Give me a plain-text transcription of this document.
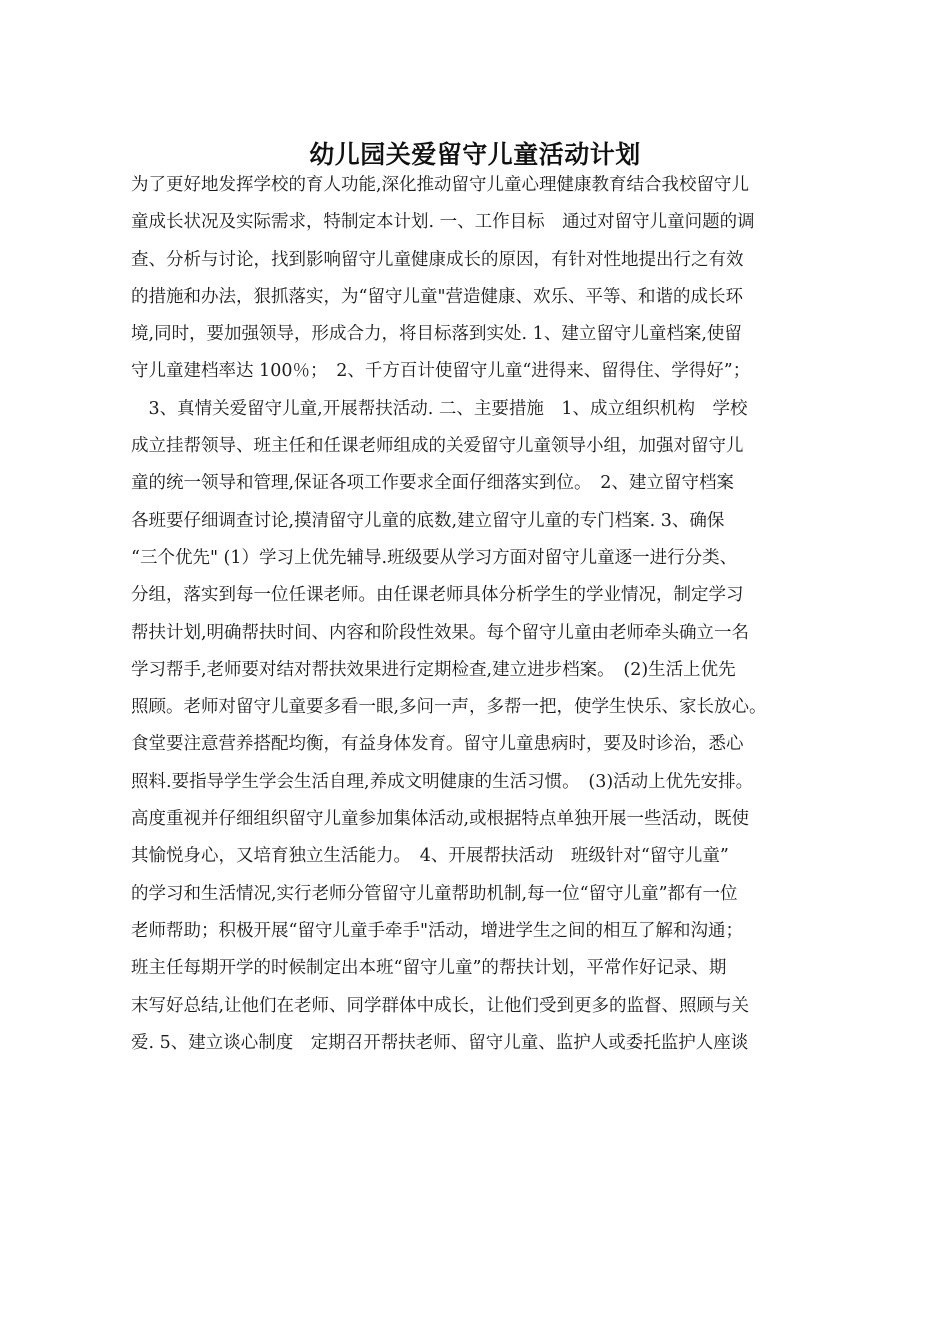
幼儿园关爱留守儿童活动计划
为了更好地发挥学校的育人功能,深化推动留守儿童心理健康教育结合我校留守儿
童成长状况及实际需求，特制定本计划. 一、工作目标　通过对留守儿童问题的调
查、分析与讨论，找到影响留守儿童健康成长的原因，有针对性地提出行之有效
的措施和办法，狠抓落实，为“留守儿童"营造健康、欢乐、平等、和谐的成长环
境,同时，要加强领导，形成合力，将目标落到实处. 1、建立留守儿童档案,使留
守儿童建档率达 100％；　2、千方百计使留守儿童“进得来、留得住、学得好”；
　3、真情关爱留守儿童,开展帮扶活动. 二、主要措施　1、成立组织机构　学校
成立挂帮领导、班主任和任课老师组成的关爱留守儿童领导小组，加强对留守儿
童的统一领导和管理,保证各项工作要求全面仔细落实到位。　2、建立留守档案
各班要仔细调查讨论,摸清留守儿童的底数,建立留守儿童的专门档案. 3、确保
“三个优先" (1）学习上优先辅导.班级要从学习方面对留守儿童逐一进行分类、
分组，落实到每一位任课老师。由任课老师具体分析学生的学业情况，制定学习
帮扶计划,明确帮扶时间、内容和阶段性效果。每个留守儿童由老师牵头确立一名
学习帮手,老师要对结对帮扶效果进行定期检查,建立进步档案。　(2)生活上优先
照顾。老师对留守儿童要多看一眼,多问一声，多帮一把，使学生快乐、家长放心。
食堂要注意营养搭配均衡，有益身体发育。留守儿童患病时，要及时诊治，悉心
照料.要指导学生学会生活自理,养成文明健康的生活习惯。　(3)活动上优先安排。
高度重视并仔细组织留守儿童参加集体活动,或根据特点单独开展一些活动，既使
其愉悦身心，又培育独立生活能力。　4、开展帮扶活动　班级针对“留守儿童”
的学习和生活情况,实行老师分管留守儿童帮助机制,每一位“留守儿童”都有一位
老师帮助；积极开展“留守儿童手牵手"活动，增进学生之间的相互了解和沟通；
班主任每期开学的时候制定出本班“留守儿童”的帮扶计划，平常作好记录、期
末写好总结,让他们在老师、同学群体中成长，让他们受到更多的监督、照顾与关
爱. 5、建立谈心制度　定期召开帮扶老师、留守儿童、监护人或委托监护人座谈
